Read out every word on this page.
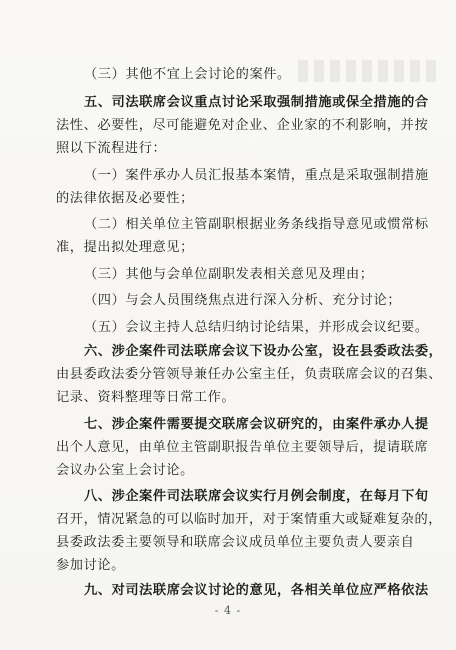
（三）其他不宜上会讨论的案件。
五、司法联席会议重点讨论采取强制措施或保全措施的合
法性、必要性，尽可能避免对企业、企业家的不利影响，并按
照以下流程进行：
（一）案件承办人员汇报基本案情，重点是采取强制措施
的法律依据及必要性；
（二）相关单位主管副职根据业务条线指导意见或惯常标
准，提出拟处理意见；
（三）其他与会单位副职发表相关意见及理由；
（四）与会人员围绕焦点进行深入分析、充分讨论；
（五）会议主持人总结归纳讨论结果，并形成会议纪要。
六、涉企案件司法联席会议下设办公室，设在县委政法委，
由县委政法委分管领导兼任办公室主任，负责联席会议的召集、
记录、资料整理等日常工作。
七、涉企案件需要提交联席会议研究的，由案件承办人提
出个人意见，由单位主管副职报告单位主要领导后，提请联席
会议办公室上会讨论。
八、涉企案件司法联席会议实行月例会制度，在每月下旬
召开，情况紧急的可以临时加开，对于案情重大或疑难复杂的，
县委政法委主要领导和联席会议成员单位主要负责人要亲自
参加讨论。
九、对司法联席会议讨论的意见，各相关单位应严格依法
- 4 -
